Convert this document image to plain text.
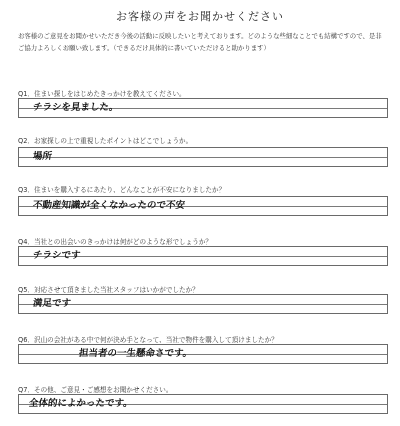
お客様の声をお聞かせください
お客様のご意見をお聞かせいただき今後の活動に反映したいと考えております。どのような些細なことでも結構ですので、是非ご協力よろしくお願い致します。（できるだけ具体的に書いていただけると助かります）
Q1．住まい探しをはじめたきっかけを教えてください。
チラシを見ました。
Q2．お家探しの上で重視したポイントはどこでしょうか。
場所
Q3．住まいを購入するにあたり、どんなことが不安になりましたか？
不動産知識が全くなかったので不安
Q4．当社との出会いのきっかけは何がどのような形でしょうか？
チラシです
Q5．対応させて頂きました当社スタッフはいかがでしたか？
満足です
Q6．沢山の会社がある中で何が決め手となって、当社で物件を購入して頂けましたか？
担当者の一生懸命さです。
Q7．その他、ご意見・ご感想をお聞かせください。
全体的によかったです。
